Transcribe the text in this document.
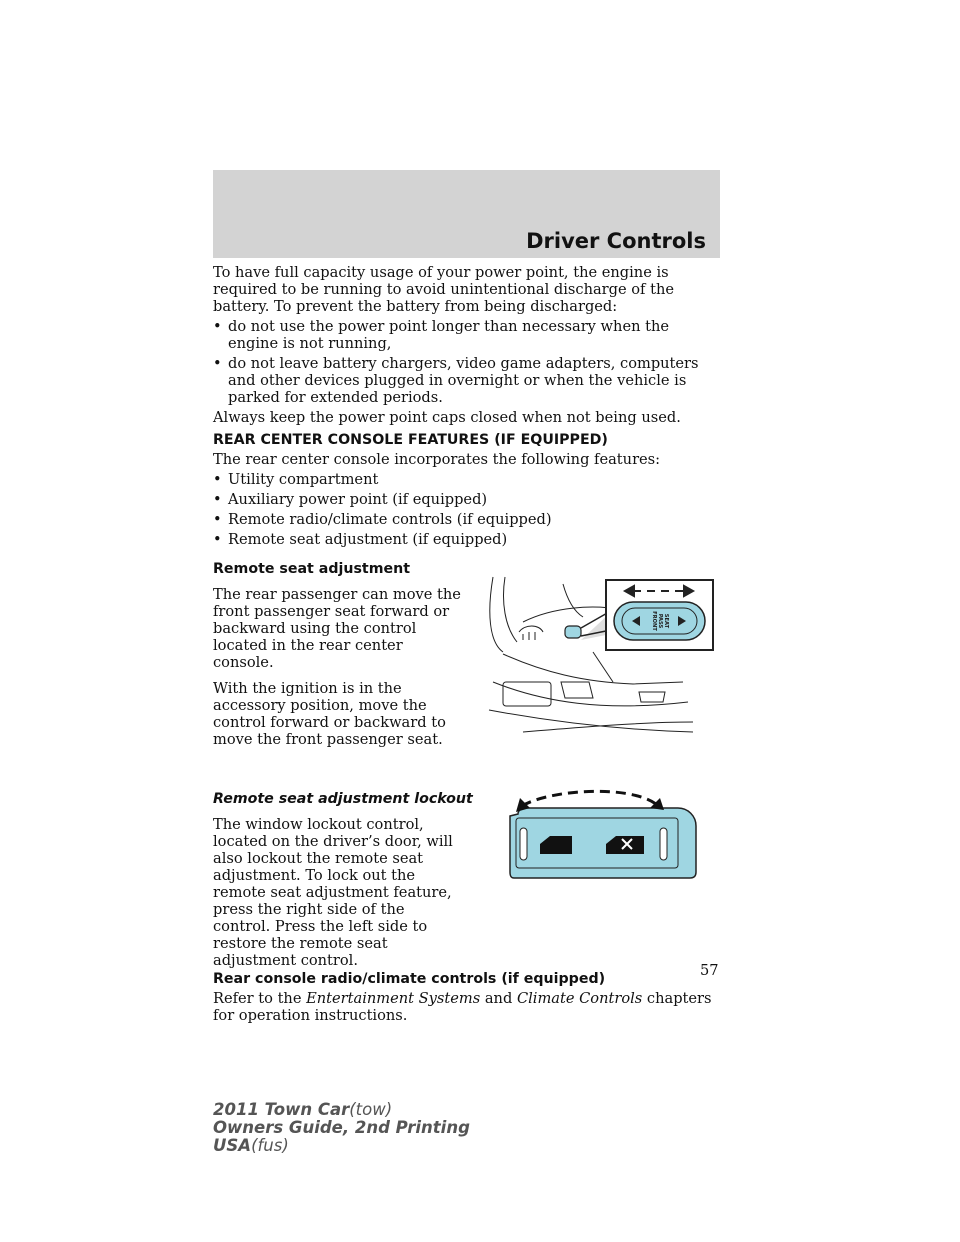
Driver Controls

To have full capacity usage of your power point, the engine is required to be running to avoid unintentional discharge of the battery. To prevent the battery from being discharged:

• do not use the power point longer than necessary when the engine is not running,
• do not leave battery chargers, video game adapters, computers and other devices plugged in overnight or when the vehicle is parked for extended periods.

Always keep the power point caps closed when not being used.

REAR CENTER CONSOLE FEATURES (IF EQUIPPED)

The rear center console incorporates the following features:

• Utility compartment
• Auxiliary power point (if equipped)
• Remote radio/climate controls (if equipped)
• Remote seat adjustment (if equipped)
Remote seat adjustment

The rear passenger can move the front passenger seat forward or backward using the control located in the rear center console.

With the ignition is in the accessory position, move the control forward or backward to move the front passenger seat.

Remote seat adjustment lockout

The window lockout control, located on the driver’s door, will also lockout the remote seat adjustment. To lock out the remote seat adjustment feature, press the right side of the control. Press the left side to restore the remote seat adjustment control.

Rear console radio/climate controls (if equipped)

Refer to the Entertainment Systems and Climate Controls chapters for operation instructions.

FRONT PASS SEAT
57
2011 Town Car(tow)
Owners Guide, 2nd Printing
USA(fus)
